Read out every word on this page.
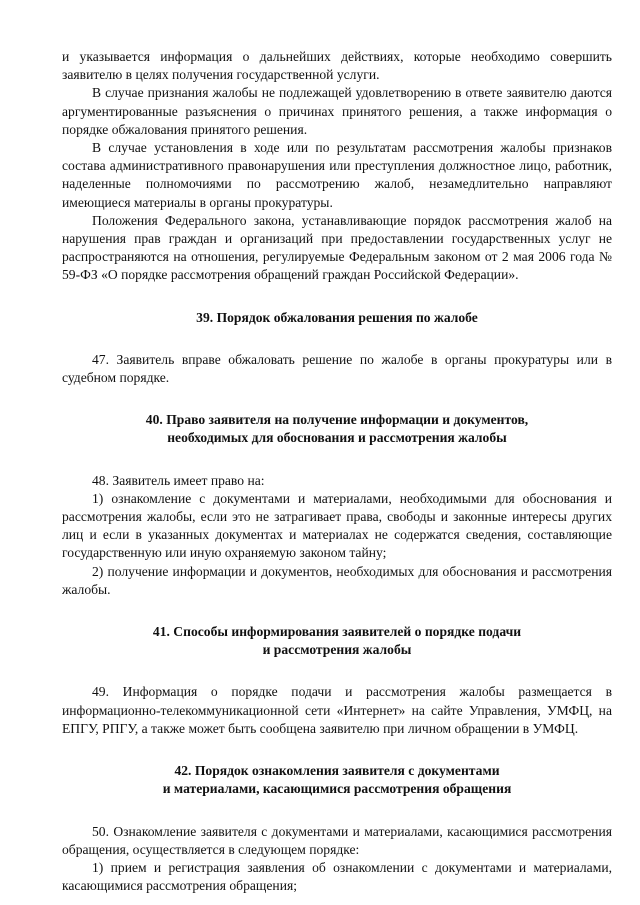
и указывается информация о дальнейших действиях, которые необходимо совершить заявителю в целях получения государственной услуги.

В случае признания жалобы не подлежащей удовлетворению в ответе заявителю даются аргументированные разъяснения о причинах принятого решения, а также информация о порядке обжалования принятого решения.

В случае установления в ходе или по результатам рассмотрения жалобы признаков состава административного правонарушения или преступления должностное лицо, работник, наделенные полномочиями по рассмотрению жалоб, незамедлительно направляют имеющиеся материалы в органы прокуратуры.

Положения Федерального закона, устанавливающие порядок рассмотрения жалоб на нарушения прав граждан и организаций при предоставлении государственных услуг не распространяются на отношения, регулируемые Федеральным законом от 2 мая 2006 года № 59-ФЗ «О порядке рассмотрения обращений граждан Российской Федерации».

39. Порядок обжалования решения по жалобе

47. Заявитель вправе обжаловать решение по жалобе в органы прокуратуры или в судебном порядке.

40. Право заявителя на получение информации и документов,
необходимых для обоснования и рассмотрения жалобы

48. Заявитель имеет право на:

1) ознакомление с документами и материалами, необходимыми для обоснования и рассмотрения жалобы, если это не затрагивает права, свободы и законные интересы других лиц и если в указанных документах и материалах не содержатся сведения, составляющие государственную или иную охраняемую законом тайну;

2) получение информации и документов, необходимых для обоснования и рассмотрения жалобы.

41. Способы информирования заявителей о порядке подачи
и рассмотрения жалобы

49. Информация о порядке подачи и рассмотрения жалобы размещается в информационно-телекоммуникационной сети «Интернет» на сайте Управления, УМФЦ, на ЕПГУ, РПГУ, а также может быть сообщена заявителю при личном обращении в УМФЦ.

42. Порядок ознакомления заявителя с документами
и материалами, касающимися рассмотрения обращения

50. Ознакомление заявителя с документами и материалами, касающимися рассмотрения обращения, осуществляется в следующем порядке:

1) прием и регистрация заявления об ознакомлении с документами и материалами, касающимися рассмотрения обращения;
